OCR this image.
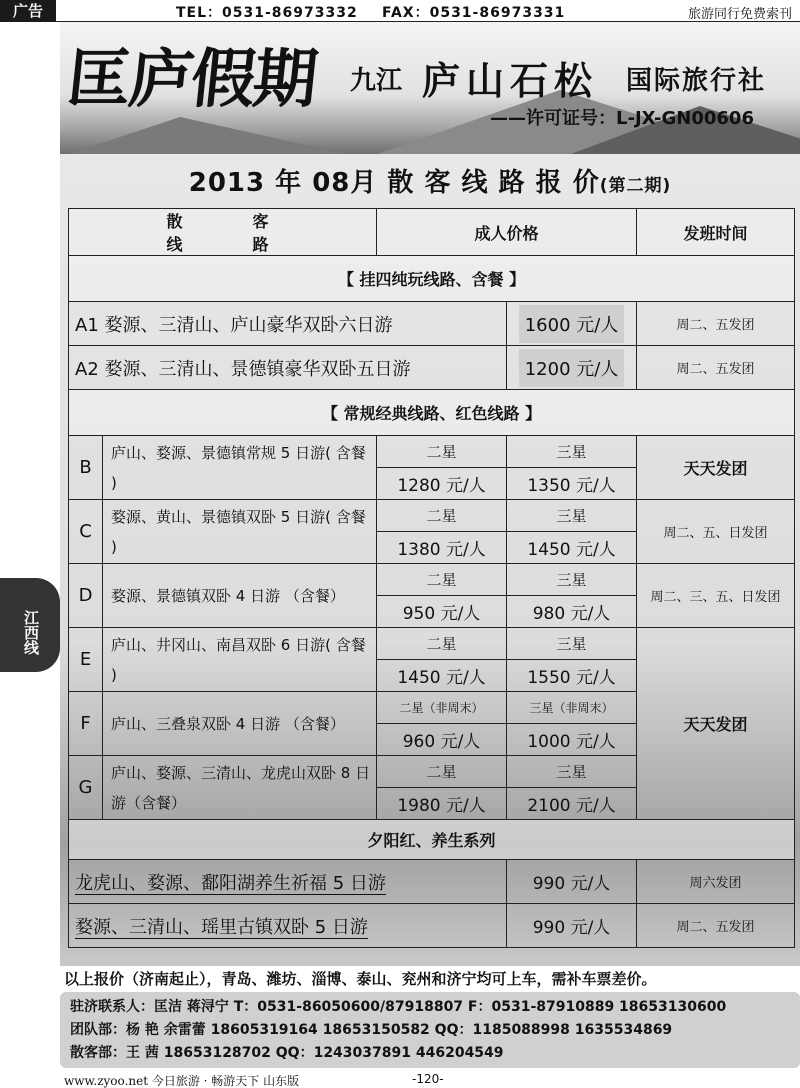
广告	TEL：0531-86973332 FAX：0531-86973331	旅游同行免费索刊
匡庐假期 九江 庐山石松 国际旅行社
——许可证号：L-JX-GN00606
江西线
2013 年 08月 散 客 线 路 报 价(第二期)
散客线路		成人价格		发班时间
【 挂四纯玩线路、含餐 】				
A1 婺源、三清山、庐山豪华双卧六日游			1600 元/人	周二、五发团
A2 婺源、三清山、景德镇豪华双卧五日游			1200 元/人	周二、五发团
【 常规经典线路、红色线路 】				
B	庐山、婺源、景德镇常规 5 日游( 含餐 )	二星	三星	天天发团
		1280 元/人	1350 元/人	
C	婺源、黄山、景德镇双卧 5 日游( 含餐 )	二星	三星	周二、五、日发团
		1380 元/人	1450 元/人	
D	婺源、景德镇双卧 4 日游 （含餐）	二星	三星	周二、三、五、日发团
		950 元/人	980 元/人	
E	庐山、井冈山、南昌双卧 6 日游( 含餐 )	二星	三星	天天发团
		1450 元/人	1550 元/人	
F	庐山、三叠泉双卧 4 日游 （含餐）	二星（非周末）	三星（非周末）	
		960 元/人	1000 元/人	
G	庐山、婺源、三清山、龙虎山双卧 8 日游（含餐）	二星	三星	
		1980 元/人	2100 元/人	
夕阳红、养生系列				
龙虎山、婺源、鄱阳湖养生祈福 5 日游			990 元/人	周六发团
婺源、三清山、瑶里古镇双卧 5 日游			990 元/人	周二、五发团
以上报价（济南起止），青岛、潍坊、淄博、泰山、兖州和济宁均可上车，需补车票差价。
驻济联系人：匡洁 蒋浔宁 T：0531-86050600/87918807 F：0531-87910889 18653130600
团队部：杨 艳 余雷蕾 18605319164 18653150582 QQ：1185088998 1635534869
散客部：王 茜 18653128702 QQ：1243037891 446204549
www.zyoo.net 今日旅游 · 畅游天下 山东版	-120-
